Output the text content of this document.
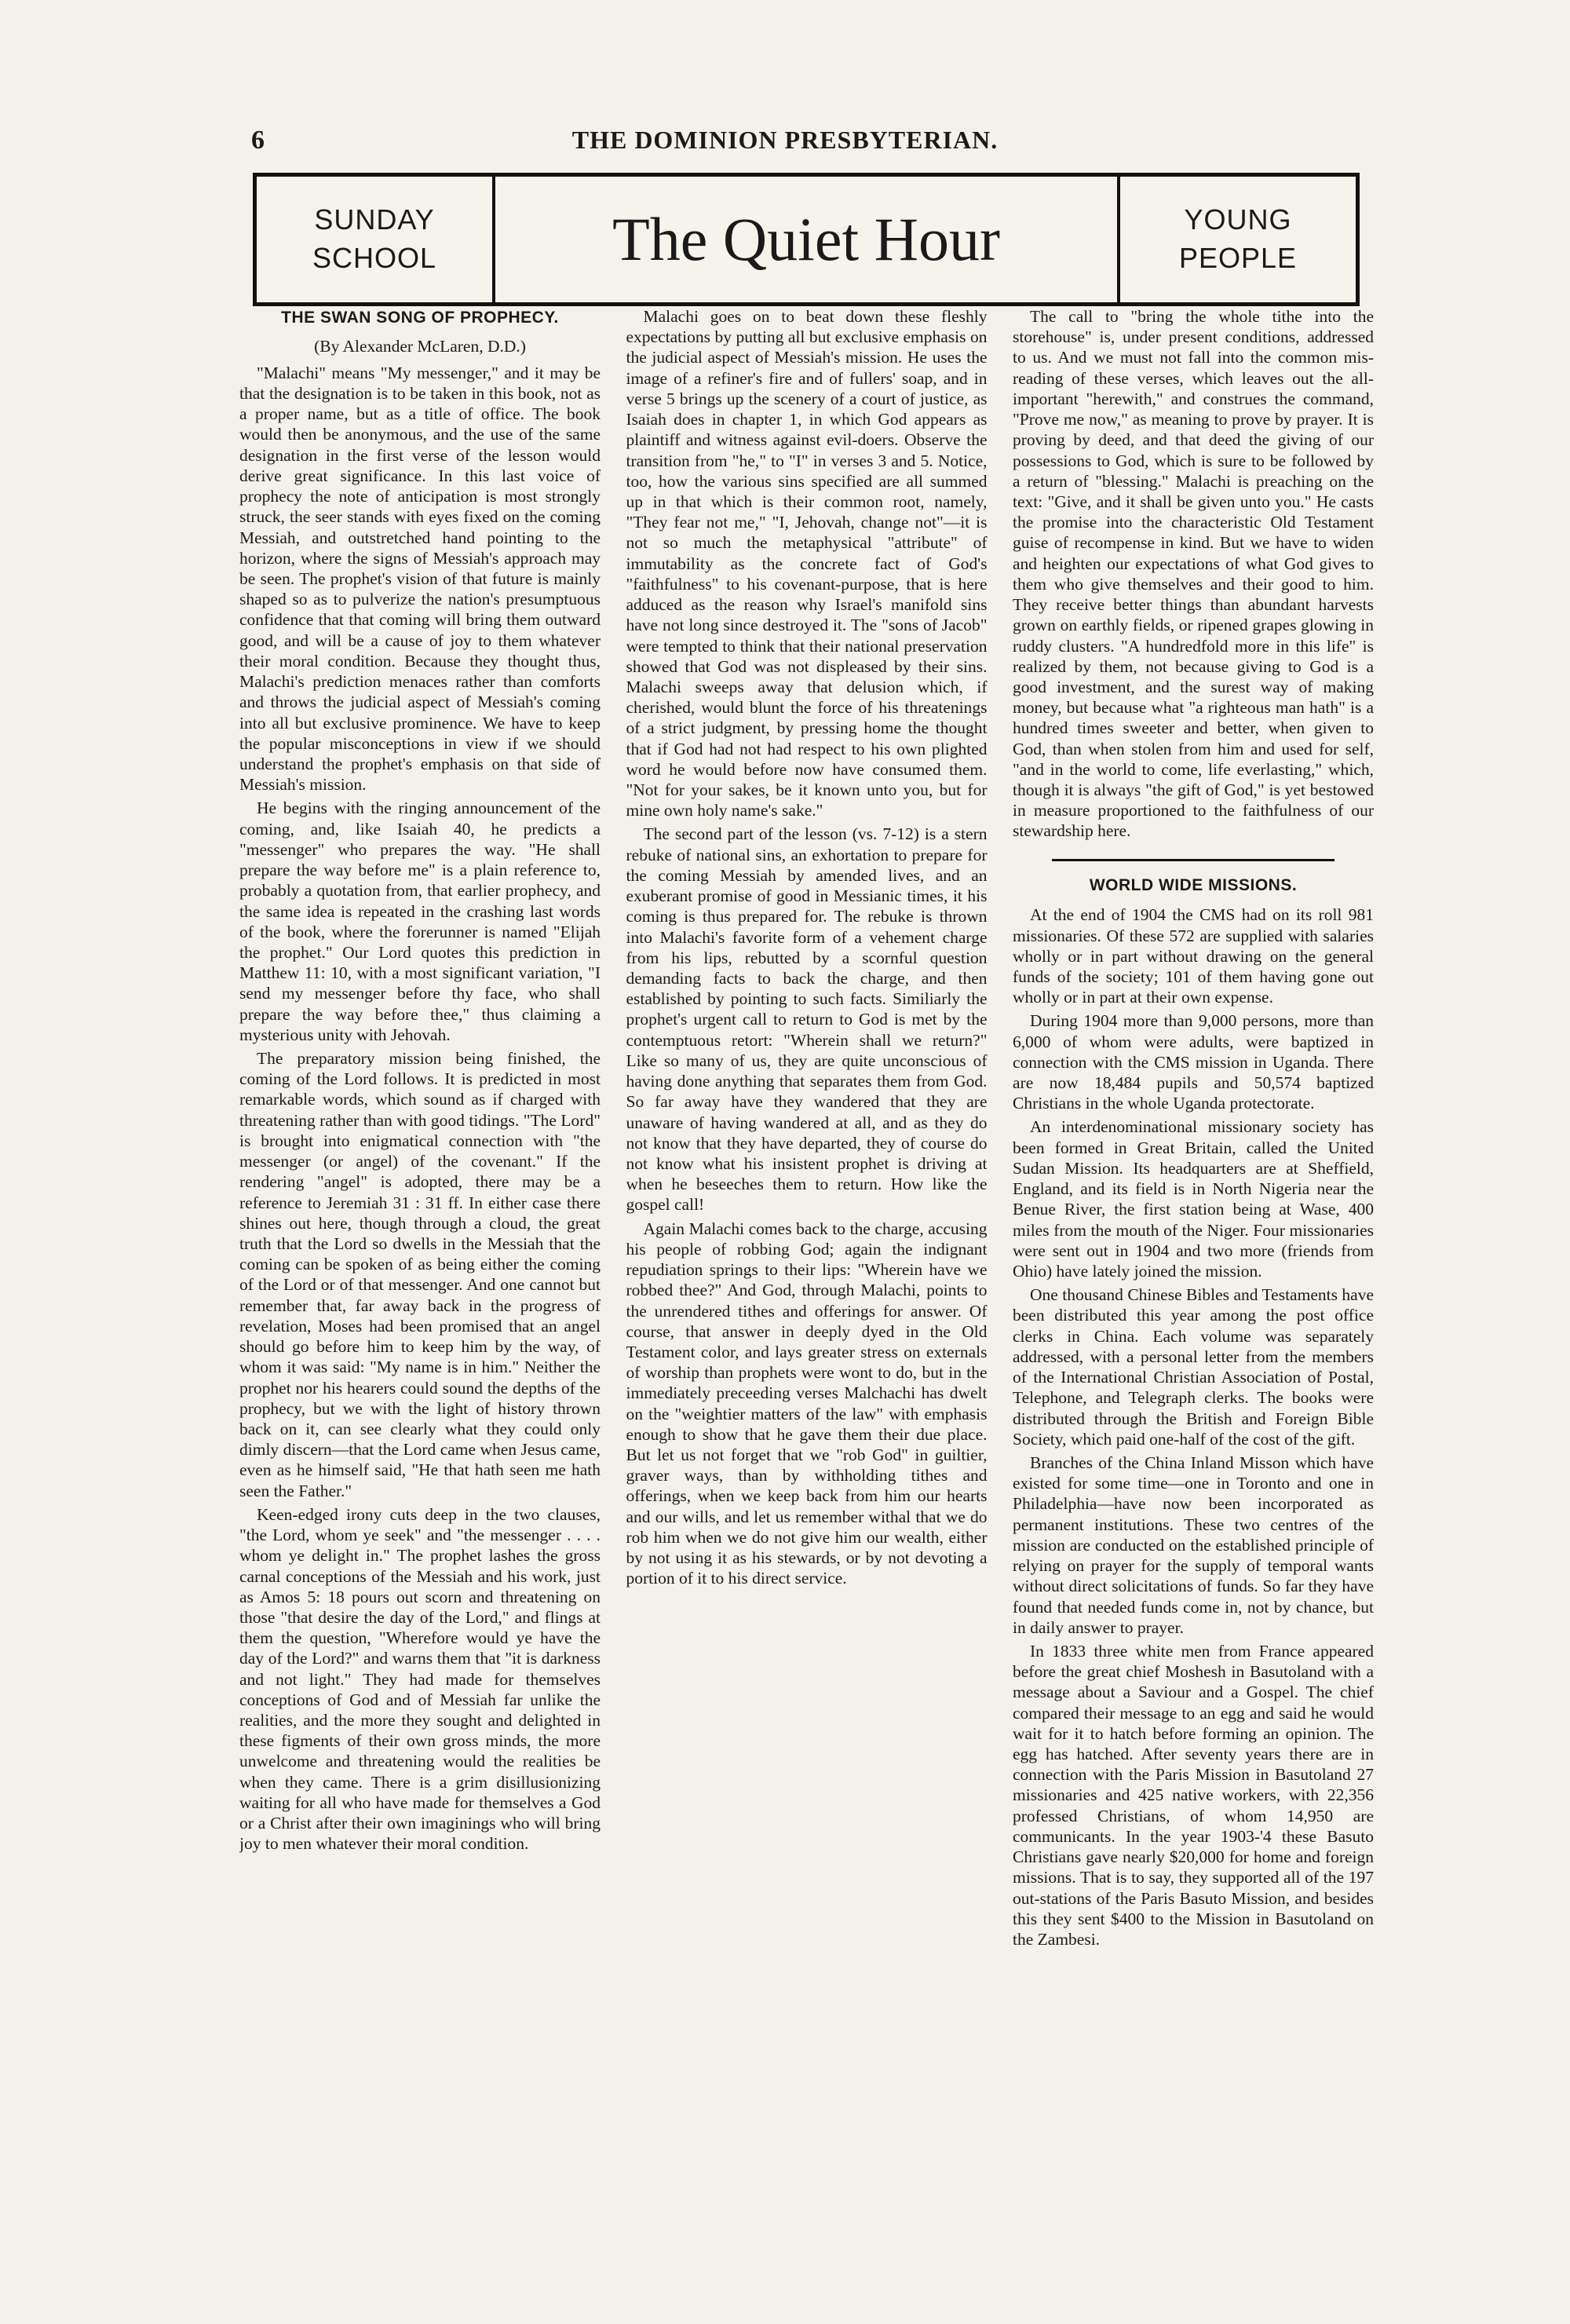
6	THE DOMINION PRESBYTERIAN.
SUNDAY
SCHOOL	The Quiet Hour	YOUNG
PEOPLE
THE SWAN SONG OF PROPHECY.
(By Alexander McLaren, D.D.)

"Malachi" means "My messenger," and it may be that the designation is to be taken in this book, not as a proper name, but as a title of office. The book would then be anonymous, and the use of the same designation in the first verse of the lesson would derive great significance. In this last voice of prophecy the note of anticipation is most strongly struck, the seer stands with eyes fixed on the coming Messiah, and outstretched hand pointing to the horizon, where the signs of Messiah's approach may be seen. The prophet's vision of that future is mainly shaped so as to pulverize the nation's presumptuous confidence that that coming will bring them outward good, and will be a cause of joy to them whatever their moral condition. Because they thought thus, Malachi's prediction menaces rather than comforts and throws the judicial aspect of Messiah's coming into all but exclusive prominence. We have to keep the popular misconceptions in view if we should understand the prophet's emphasis on that side of Messiah's mission.

He begins with the ringing announcement of the coming, and, like Isaiah 40, he predicts a "messenger" who prepares the way. "He shall prepare the way before me" is a plain reference to, probably a quotation from, that earlier prophecy, and the same idea is repeated in the crashing last words of the book, where the forerunner is named "Elijah the prophet." Our Lord quotes this prediction in Matthew 11: 10, with a most significant variation, "I send my messenger before thy face, who shall prepare the way before thee," thus claiming a mysterious unity with Jehovah.

The preparatory mission being finished, the coming of the Lord follows. It is predicted in most remarkable words, which sound as if charged with threatening rather than with good tidings. "The Lord" is brought into enigmatical connection with "the messenger (or angel) of the covenant." If the rendering "angel" is adopted, there may be a reference to Jeremiah 31 : 31 ff. In either case there shines out here, though through a cloud, the great truth that the Lord so dwells in the Messiah that the coming can be spoken of as being either the coming of the Lord or of that messenger. And one cannot but remember that, far away back in the progress of revelation, Moses had been promised that an angel should go before him to keep him by the way, of whom it was said: "My name is in him." Neither the prophet nor his hearers could sound the depths of the prophecy, but we with the light of history thrown back on it, can see clearly what they could only dimly discern—that the Lord came when Jesus came, even as he himself said, "He that hath seen me hath seen the Father."

Keen-edged irony cuts deep in the two clauses, "the Lord, whom ye seek" and "the messenger . . . . whom ye delight in." The prophet lashes the gross carnal conceptions of the Messiah and his work, just as Amos 5: 18 pours out scorn and threatening on those "that desire the day of the Lord," and flings at them the question, "Wherefore would ye have the day of the Lord?" and warns them that "it is darkness and not light." They had made for themselves conceptions of God and of Messiah far unlike the realities, and the more they sought and delighted in these figments of their own gross minds, the more unwelcome and threatening would the realities be when they came. There is a grim disillusionizing waiting for all who have made for themselves a God or a Christ after their own imaginings who will bring joy to men whatever their moral condition.

Malachi goes on to beat down these fleshly expectations by putting all but exclusive emphasis on the judicial aspect of Messiah's mission. He uses the image of a refiner's fire and of fullers' soap, and in verse 5 brings up the scenery of a court of justice, as Isaiah does in chapter 1, in which God appears as plaintiff and witness against evil-doers. Observe the transition from "he," to "I" in verses 3 and 5. Notice, too, how the various sins specified are all summed up in that which is their common root, namely, "They fear not me," "I, Jehovah, change not"—it is not so much the metaphysical "attribute" of immutability as the concrete fact of God's "faithfulness" to his covenant-purpose, that is here adduced as the reason why Israel's manifold sins have not long since destroyed it. The "sons of Jacob" were tempted to think that their national preservation showed that God was not displeased by their sins. Malachi sweeps away that delusion which, if cherished, would blunt the force of his threatenings of a strict judgment, by pressing home the thought that if God had not had respect to his own plighted word he would before now have consumed them. "Not for your sakes, be it known unto you, but for mine own holy name's sake."

The second part of the lesson (vs. 7-12) is a stern rebuke of national sins, an exhortation to prepare for the coming Messiah by amended lives, and an exuberant promise of good in Messianic times, it his coming is thus prepared for. The rebuke is thrown into Malachi's favorite form of a vehement charge from his lips, rebutted by a scornful question demanding facts to back the charge, and then established by pointing to such facts. Similiarly the prophet's urgent call to return to God is met by the contemptuous retort: "Wherein shall we return?" Like so many of us, they are quite unconscious of having done anything that separates them from God. So far away have they wandered that they are unaware of having wandered at all, and as they do not know that they have departed, they of course do not know what his insistent prophet is driving at when he beseeches them to return. How like the gospel call!

Again Malachi comes back to the charge, accusing his people of robbing God; again the indignant repudiation springs to their lips: "Wherein have we robbed thee?" And God, through Malachi, points to the unrendered tithes and offerings for answer. Of course, that answer in deeply dyed in the Old Testament color, and lays greater stress on externals of worship than prophets were wont to do, but in the immediately preceeding verses Malchachi has dwelt on the "weightier matters of the law" with emphasis enough to show that he gave them their due place. But let us not forget that we "rob God" in guiltier, graver ways, than by withholding tithes and offerings, when we keep back from him our hearts and our wills, and let us remember withal that we do rob him when we do not give him our wealth, either by not using it as his stewards, or by not devoting a portion of it to his direct service.

The call to "bring the whole tithe into the storehouse" is, under present conditions, addressed to us. And we must not fall into the common mis-reading of these verses, which leaves out the all-important "herewith," and construes the command, "Prove me now," as meaning to prove by prayer. It is proving by deed, and that deed the giving of our possessions to God, which is sure to be followed by a return of "blessing." Malachi is preaching on the text: "Give, and it shall be given unto you." He casts the promise into the characteristic Old Testament guise of recompense in kind. But we have to widen and heighten our expectations of what God gives to them who give themselves and their good to him. They receive better things than abundant harvests grown on earthly fields, or ripened grapes glowing in ruddy clusters. "A hundredfold more in this life" is realized by them, not because giving to God is a good investment, and the surest way of making money, but because what "a righteous man hath" is a hundred times sweeter and better, when given to God, than when stolen from him and used for self, "and in the world to come, life everlasting," which, though it is always "the gift of God," is yet bestowed in measure proportioned to the faithfulness of our stewardship here.

WORLD WIDE MISSIONS.

At the end of 1904 the CMS had on its roll 981 missionaries. Of these 572 are supplied with salaries wholly or in part without drawing on the general funds of the society; 101 of them having gone out wholly or in part at their own expense.

During 1904 more than 9,000 persons, more than 6,000 of whom were adults, were baptized in connection with the CMS mission in Uganda. There are now 18,484 pupils and 50,574 baptized Christians in the whole Uganda protectorate.

An interdenominational missionary society has been formed in Great Britain, called the United Sudan Mission. Its headquarters are at Sheffield, England, and its field is in North Nigeria near the Benue River, the first station being at Wase, 400 miles from the mouth of the Niger. Four missionaries were sent out in 1904 and two more (friends from Ohio) have lately joined the mission.

One thousand Chinese Bibles and Testaments have been distributed this year among the post office clerks in China. Each volume was separately addressed, with a personal letter from the members of the International Christian Association of Postal, Telephone, and Telegraph clerks. The books were distributed through the British and Foreign Bible Society, which paid one-half of the cost of the gift.

Branches of the China Inland Misson which have existed for some time—one in Toronto and one in Philadelphia—have now been incorporated as permanent institutions. These two centres of the mission are conducted on the established principle of relying on prayer for the supply of temporal wants without direct solicitations of funds. So far they have found that needed funds come in, not by chance, but in daily answer to prayer.

In 1833 three white men from France appeared before the great chief Moshesh in Basutoland with a message about a Saviour and a Gospel. The chief compared their message to an egg and said he would wait for it to hatch before forming an opinion. The egg has hatched. After seventy years there are in connection with the Paris Mission in Basutoland 27 missionaries and 425 native workers, with 22,356 professed Christians, of whom 14,950 are communicants. In the year 1903-'4 these Basuto Christians gave nearly $20,000 for home and foreign missions. That is to say, they supported all of the 197 out-stations of the Paris Basuto Mission, and besides this they sent $400 to the Mission in Basutoland on the Zambesi.
